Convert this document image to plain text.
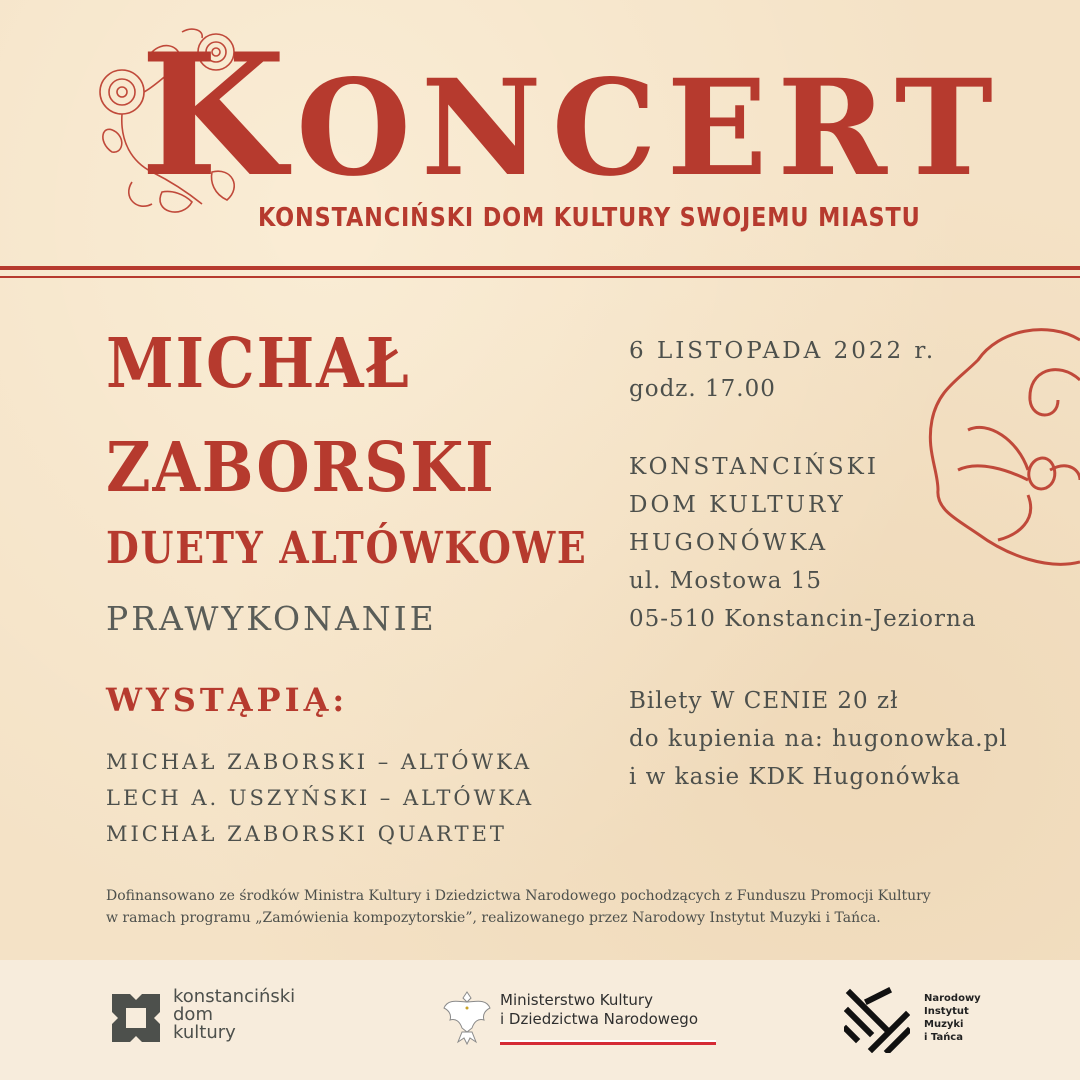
KONCERT
KONSTANCIŃSKI DOM KULTURY SWOJEMU MIASTU
MICHAŁ
ZABORSKI
DUETY ALTÓWKOWE
PRAWYKONANIE
WYSTĄPIĄ:
MICHAŁ ZABORSKI – ALTÓWKA
LECH A. USZYŃSKI – ALTÓWKA
MICHAŁ ZABORSKI QUARTET
6 LISTOPADA 2022 r.
godz. 17.00
KONSTANCIŃSKI
DOM KULTURY
HUGONÓWKA
ul. Mostowa 15
05-510 Konstancin-Jeziorna
Bilety W CENIE 20 zł
do kupienia na: hugonowka.pl
i w kasie KDK Hugonówka
Dofinansowano ze środków Ministra Kultury i Dziedzictwa Narodowego pochodzących z Funduszu Promocji Kultury
w ramach programu „Zamówienia kompozytorskie”, realizowanego przez Narodowy Instytut Muzyki i Tańca.
konstancińskі
dom
kultury
Ministerstwo Kultury
i Dziedzictwa Narodowego
Narodowy
Instytut
Muzyki
i Tańca
